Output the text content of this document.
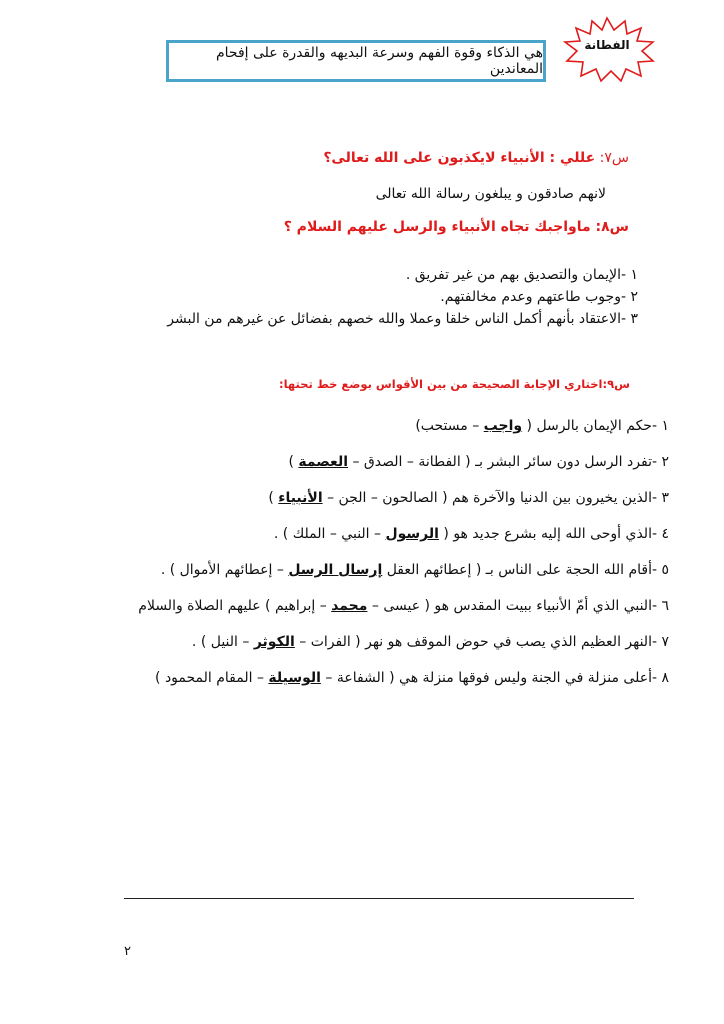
الفطانة
هي الذكاء وقوة الفهم وسرعة البديهه والقدرة على إفحام المعاندين
س٧: عللي : الأنبياء لايكذبون على الله تعالى؟
لانهم صادقون و يبلغون رسالة الله تعالى
س٨: ماواجبك تجاه الأنبياء والرسل عليهم السلام ؟
١ -الإيمان والتصديق بهم من غير تفريق .
٢ -وجوب طاعتهم وعدم مخالفتهم.
٣ -الاعتقاد بأنهم أكمل الناس خلقا وعملا والله خصهم بفضائل عن غيرهم من البشر
س٩:اختاري الإجابة الصحيحة من بين الأقواس بوضع خط تحتها:
١ -حكم الإيمان بالرسل ( واجب – مستحب)
٢ -تفرد الرسل دون سائر البشر بـ ( الفطانة – الصدق – العصمة )
٣ -الذين يخيرون بين الدنيا والآخرة هم ( الصالحون – الجن – الأنبياء )
٤ -الذي أوحى الله إليه بشرع جديد هو ( الرسول – النبي – الملك ) .
٥ -أقام الله الحجة على الناس بـ ( إعطائهم العقل إرسال الرسل – إعطائهم الأموال ) .
٦ -النبي الذي أمّ الأنبياء ببيت المقدس هو ( عيسى – محمد – إبراهيم ) عليهم الصلاة والسلام
٧ -النهر العظيم الذي يصب في حوض الموقف هو نهر ( الفرات – الكوثر – النيل ) .
٨ -أعلى منزلة في الجنة وليس فوقها منزلة هي ( الشفاعة – الوسيلة – المقام المحمود )
٢
